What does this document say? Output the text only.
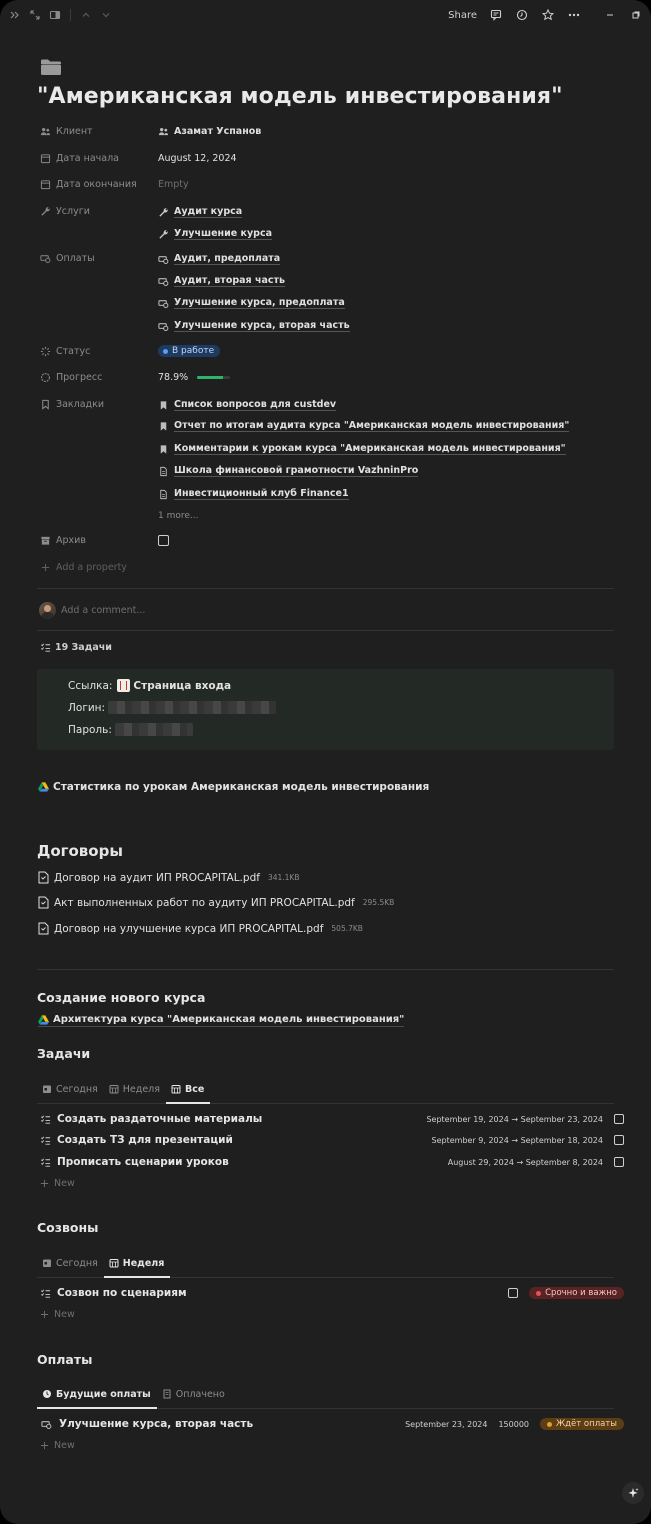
Share
"Американская модель инвестирования"
Клиент	Азамат Успанов
Дата начала	August 12, 2024
Дата окончания Empty
Услуги	Аудит курса
Улучшение курса
Оплаты	Аудит, предоплата
Аудит, вторая часть
Улучшение курса, предоплата
Улучшение курса, вторая часть
Статус	В работе
Прогресс	78.9%
Закладки	Список вопросов для custdev
Отчет по итогам аудита курса "Американская модель инвестирования"
Комментарии к урокам курса "Американская модель инвестирования"
Школа финансовой грамотности VazhninPro
Инвестиционный клуб Finance1
1 more...
Архив
Add a property
Add a comment...
19 Задачи
Ссылка: Страница входа
Логин:
Пароль:
Статистика по урокам Американская модель инвестирования
Договоры
Договор на аудит ИП PROCAPITAL.pdf 341.1KB
Акт выполненных работ по аудиту ИП PROCAPITAL.pdf 295.5KB
Договор на улучшение курса ИП PROCAPITAL.pdf 505.7KB
Создание нового курса
Архитектура курса "Американская модель инвестирования"
Задачи
Сегодня	Неделя	Все
Создать раздаточные материалы	September 19, 2024 → September 23, 2024
Создать ТЗ для презентаций	September 9, 2024 → September 18, 2024
Прописать сценарии уроков	August 29, 2024 → September 8, 2024
New
Созвоны
Сегодня	Неделя
Созвон по сценариям	Срочно и важно
New
Оплаты
Будущие оплаты	Оплачено
Улучшение курса, вторая часть	September 23, 2024 150000	Ждёт оплаты
New
